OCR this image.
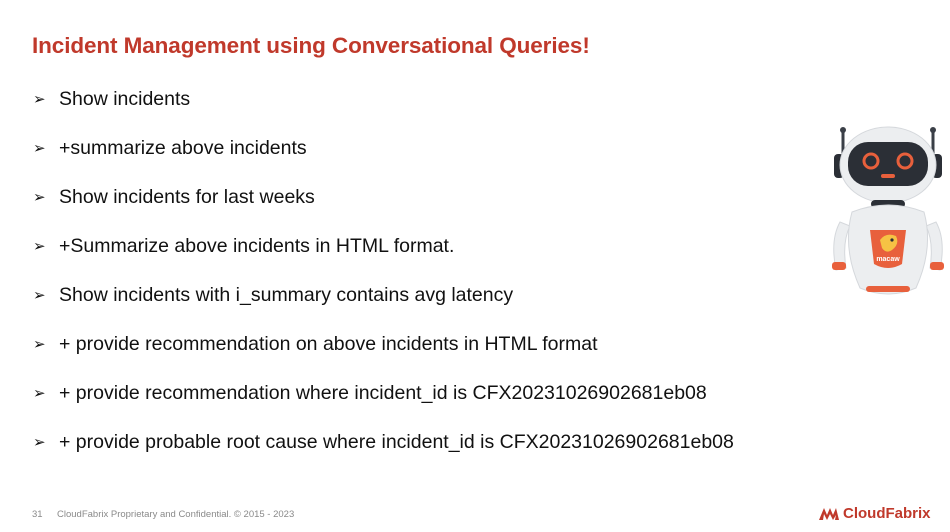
Incident Management using Conversational Queries!
➢ Show incidents
➢ +summarize above incidents
➢ Show incidents for last weeks
➢ +Summarize above incidents in HTML format.
➢ Show incidents with i_summary contains avg latency
➢ + provide recommendation on above incidents in HTML format
➢ + provide recommendation where incident_id is CFX20231026902681eb08
➢ + provide probable root cause where incident_id is CFX20231026902681eb08
macaw
31 CloudFabrix Proprietary and Confidential. © 2015 - 2023	CloudFabrix
